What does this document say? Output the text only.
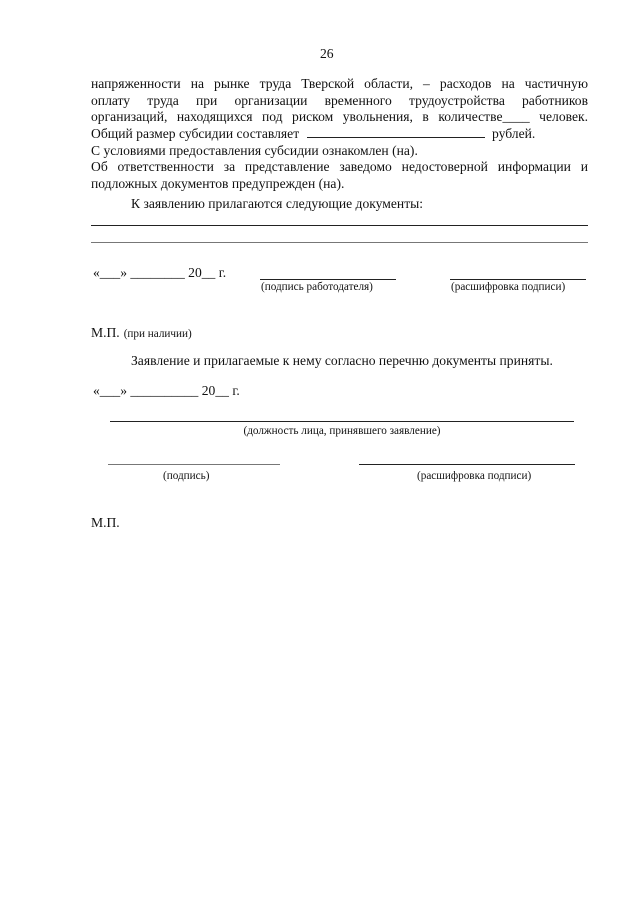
26
напряженности на рынке труда Тверской области, – расходов на частичную
оплату труда при организации временного трудоустройства работников
организаций, находящихся под риском увольнения, в количестве____ человек.
Общий размер субсидии составляет	рублей.
С условиями предоставления субсидии ознакомлен (на).
Об ответственности за представление заведомо недостоверной информации и
подложных документов предупрежден (на).
К заявлению прилагаются следующие документы:
«___» ________ 20__ г.
(подпись работодателя)	(расшифровка подписи)
М.П. (при наличии)
Заявление и прилагаемые к нему согласно перечню документы приняты.
«___» __________ 20__ г.
(должность лица, принявшего заявление)
(подпись)	(расшифровка подписи)
М.П.
